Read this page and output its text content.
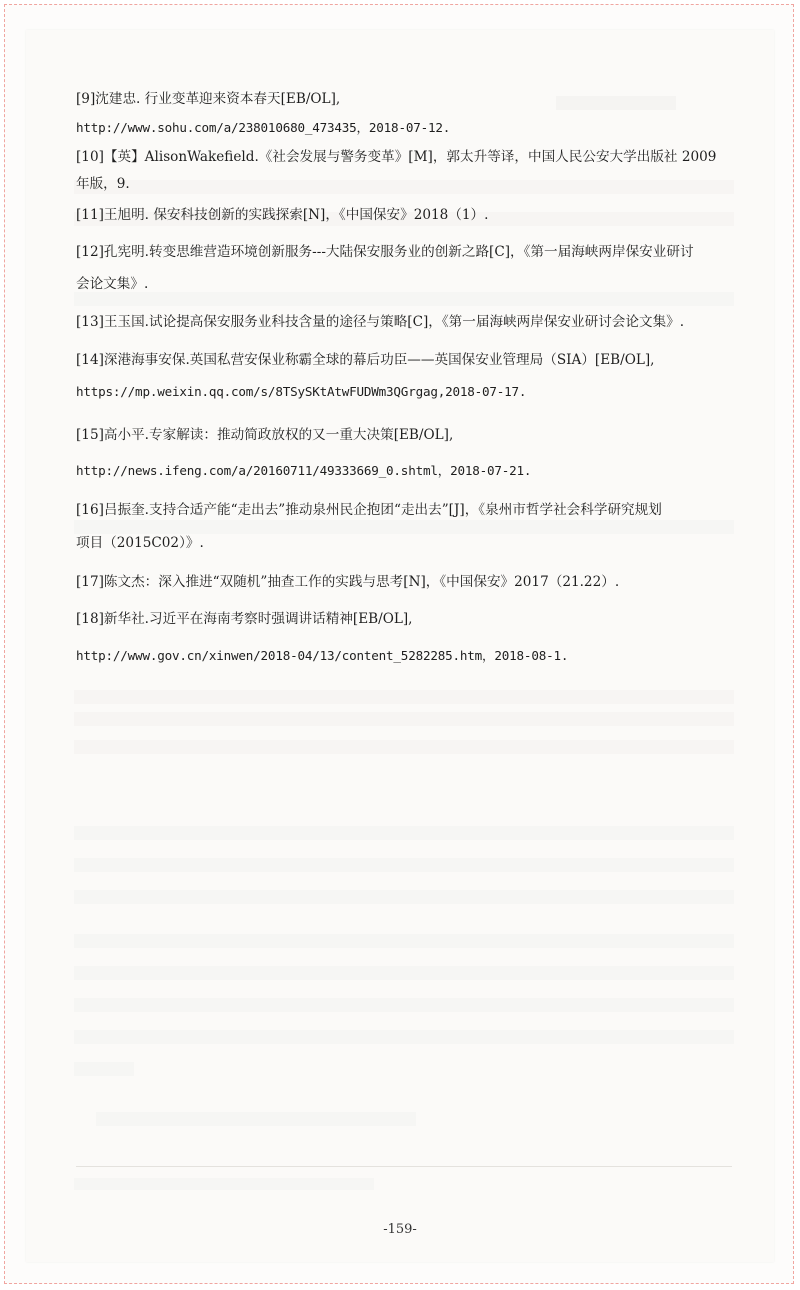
[9]沈建忠. 行业变革迎来资本春天[EB/OL],
http://www.sohu.com/a/238010680_473435，2018-07-12.
[10]【英】AlisonWakefield.《社会发展与警务变革》[M]，郭太升等译，中国人民公安大学出版社 2009
年版，9.
[11]王旭明. 保安科技创新的实践探索[N]，《中国保安》2018（1）.
[12]孔宪明.转变思维营造环境创新服务---大陆保安服务业的创新之路[C]，《第一届海峡两岸保安业研讨
会论文集》.
[13]王玉国.试论提高保安服务业科技含量的途径与策略[C]，《第一届海峡两岸保安业研讨会论文集》.
[14]深港海事安保.英国私营安保业称霸全球的幕后功臣——英国保安业管理局（SIA）[EB/OL],
https://mp.weixin.qq.com/s/8TSySKtAtwFUDWm3QGrgag,2018-07-17.
[15]高小平.专家解读：推动简政放权的又一重大决策[EB/OL],
http://news.ifeng.com/a/20160711/49333669_0.shtml，2018-07-21.
[16]吕振奎.支持合适产能“走出去”推动泉州民企抱团“走出去”[J]，《泉州市哲学社会科学研究规划
项目（2015C02）》.
[17]陈文杰：深入推进“双随机”抽查工作的实践与思考[N]，《中国保安》2017（21.22）.
[18]新华社.习近平在海南考察时强调讲话精神[EB/OL],
http://www.gov.cn/xinwen/2018-04/13/content_5282285.htm，2018-08-1.
-159-
